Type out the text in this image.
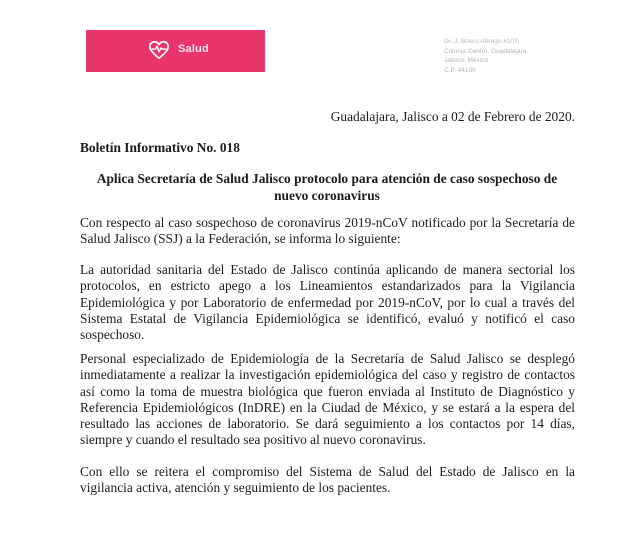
Salud
Dr. J. Bosco Abrego #107,
Colonia Centro, Guadalajara,
Jalisco, México
C.P. 44100
Guadalajara, Jalisco a 02 de Febrero de 2020.
Boletín Informativo No. 018
Aplica Secretaría de Salud Jalisco protocolo para atención de caso sospechoso de nuevo coronavirus

Con respecto al caso sospechoso de coronavirus 2019-nCoV notificado por la Secretaría de Salud Jalisco (SSJ) a la Federación, se informa lo siguiente:

La autoridad sanitaria del Estado de Jalisco continúa aplicando de manera sectorial los protocolos, en estricto apego a los Lineamientos estandarizados para la Vigilancia Epidemiológica y por Laboratorio de enfermedad por 2019-nCoV, por lo cual a través del Sistema Estatal de Vigilancia Epidemiológica se identificó, evaluó y notificó el caso sospechoso.

Personal especializado de Epidemiología de la Secretaría de Salud Jalisco se desplegó inmediatamente a realizar la investigación epidemiológica del caso y registro de contactos así como la toma de muestra biológica que fueron enviada al Instituto de Diagnóstico y Referencia Epidemiológicos (InDRE) en la Ciudad de México, y se estará a la espera del resultado las acciones de laboratorio. Se dará seguimiento a los contactos por 14 días, siempre y cuando el resultado sea positivo al nuevo coronavirus.

Con ello se reitera el compromiso del Sistema de Salud del Estado de Jalisco en la vigilancia activa, atención y seguimiento de los pacientes.
